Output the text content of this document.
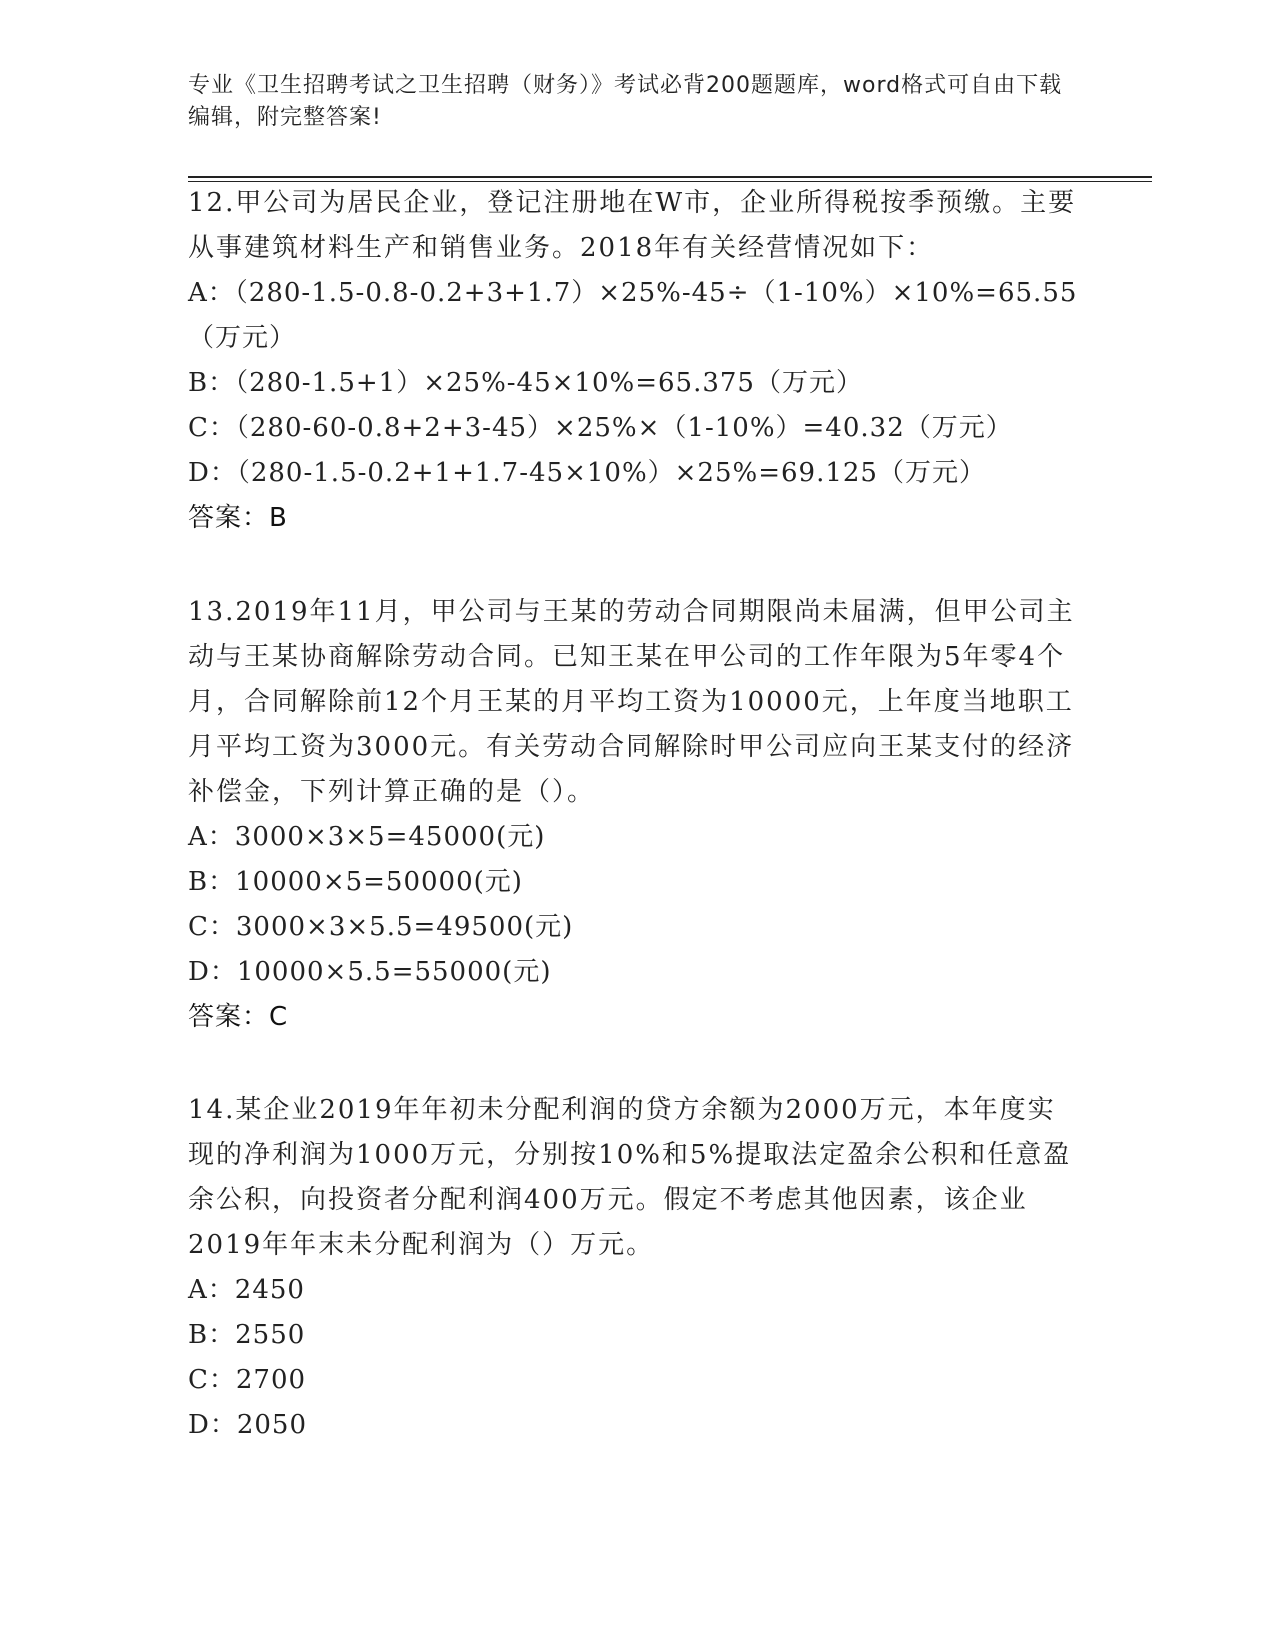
专业《卫生招聘考试之卫生招聘（财务）》考试必背200题题库，word格式可自由下载编辑，附完整答案!

12.甲公司为居民企业，登记注册地在W市，企业所得税按季预缴。主要从事建筑材料生产和销售业务。2018年有关经营情况如下：

A：（280-1.5-0.8-0.2+3+1.7）×25%-45÷（1-10%）×10%=65.55（万元）

B：（280-1.5+1）×25%-45×10%=65.375（万元）

C：（280-60-0.8+2+3-45）×25%×（1-10%）=40.32（万元）

D：（280-1.5-0.2+1+1.7-45×10%）×25%=69.125（万元）

答案：B

13.2019年11月，甲公司与王某的劳动合同期限尚未届满，但甲公司主动与王某协商解除劳动合同。已知王某在甲公司的工作年限为5年零4个月，合同解除前12个月王某的月平均工资为10000元，上年度当地职工月平均工资为3000元。有关劳动合同解除时甲公司应向王某支付的经济补偿金，下列计算正确的是（）。

A：3000×3×5=45000(元)

B：10000×5=50000(元)

C：3000×3×5.5=49500(元)

D：10000×5.5=55000(元)

答案：C

14.某企业2019年年初未分配利润的贷方余额为2000万元，本年度实现的净利润为1000万元，分别按10%和5%提取法定盈余公积和任意盈余公积，向投资者分配利润400万元。假定不考虑其他因素，该企业2019年年末未分配利润为（）万元。

A：2450

B：2550

C：2700

D：2050
